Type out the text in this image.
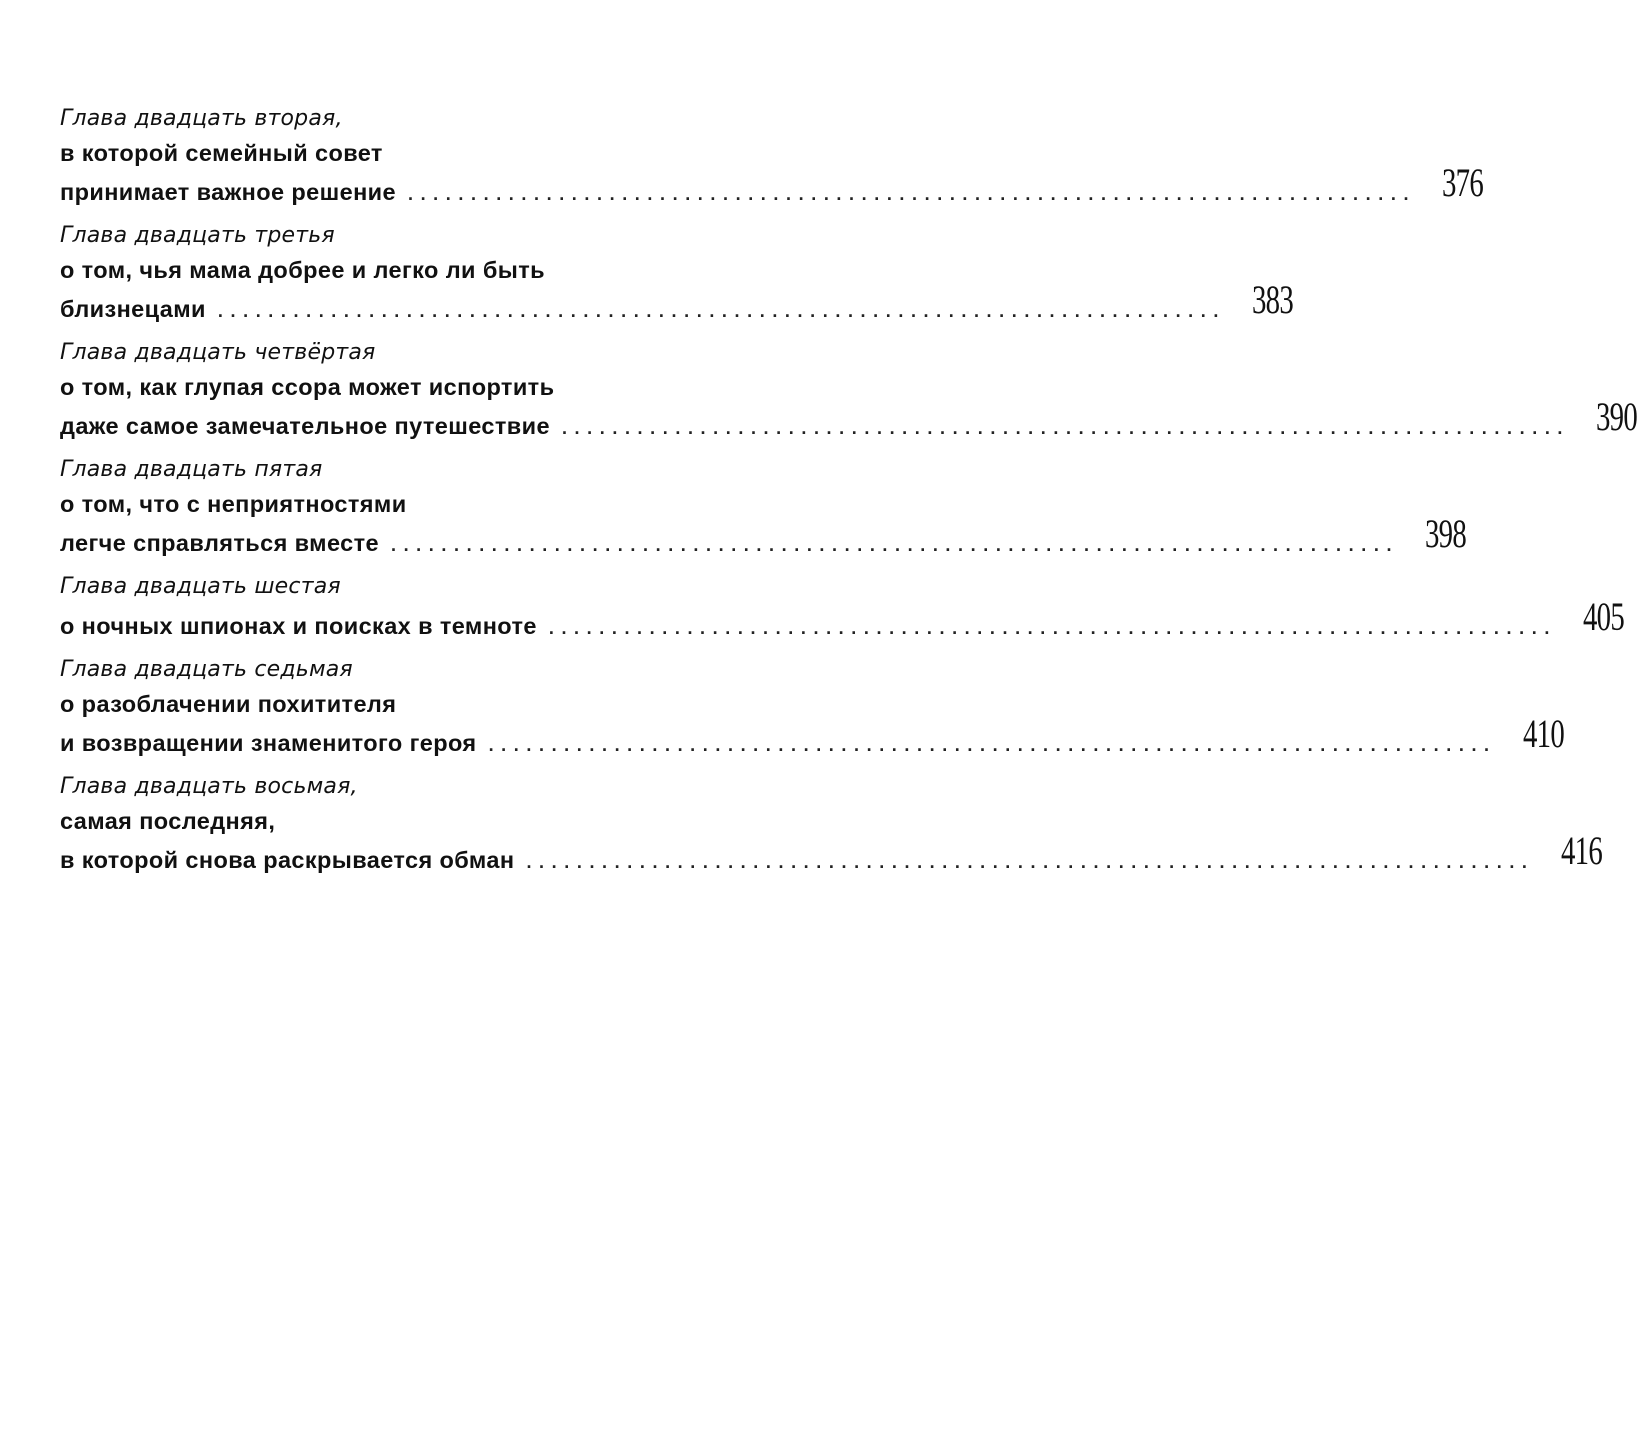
Глава двадцать вторая,
в которой семейный совет
принимает важное решение ................................................................................ 376
Глава двадцать третья
о том, чья мама добрее и легко ли быть
близнецами ................................................................................ 383
Глава двадцать четвёртая
о том, как глупая ссора может испортить
даже самое замечательное путешествие ................................................................................ 390
Глава двадцать пятая
о том, что с неприятностями
легче справляться вместе ................................................................................ 398
Глава двадцать шестая
о ночных шпионах и поисках в темноте ................................................................................ 405
Глава двадцать седьмая
о разоблачении похитителя
и возвращении знаменитого героя ................................................................................ 410
Глава двадцать восьмая,
самая последняя,
в которой снова раскрывается обман ................................................................................ 416
